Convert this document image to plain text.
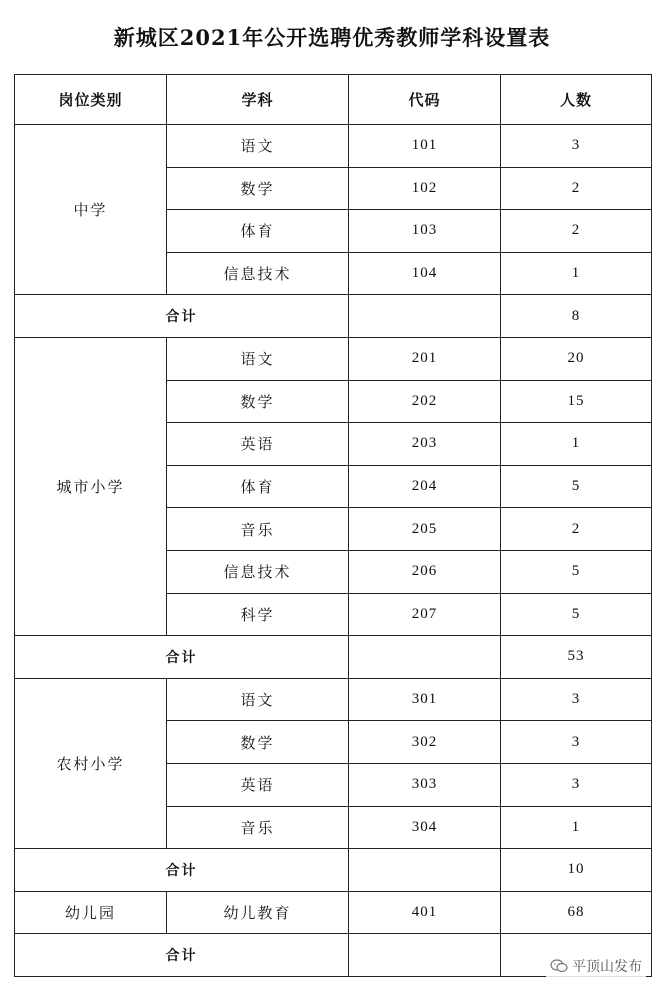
新城区2021年公开选聘优秀教师学科设置表
岗位类别	学科	代码	人数
中学	语文	101	3
	数学	102	2
	体育	103	2
	信息技术	104	1
合计			8
城市小学	语文	201	20
	数学	202	15
	英语	203	1
	体育	204	5
	音乐	205	2
	信息技术	206	5
	科学	207	5
合计			53
农村小学	语文	301	3
	数学	302	3
	英语	303	3
	音乐	304	1
合计			10
幼儿园	幼儿教育	401	68
合计			
平顶山发布
